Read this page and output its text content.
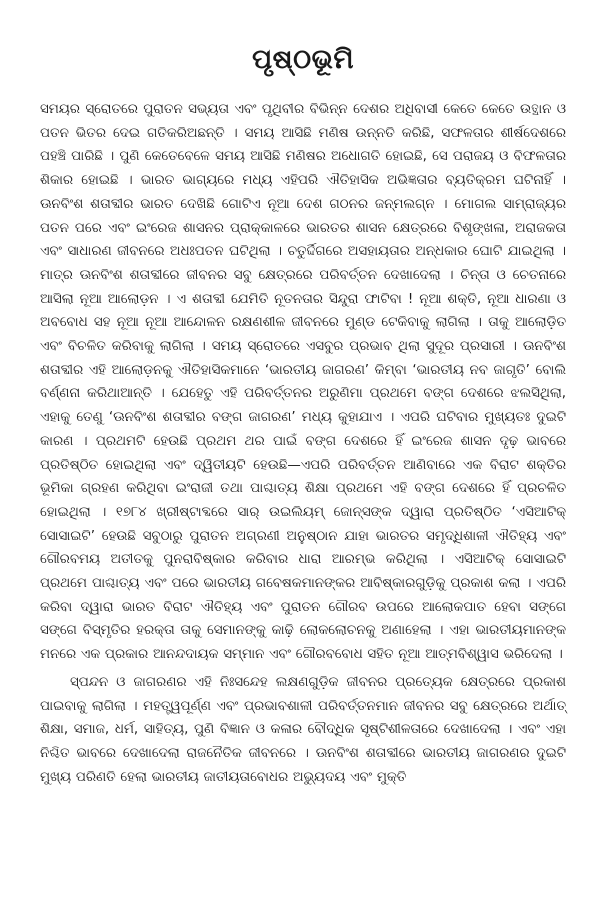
ପୃଷ୍ଠଭୂମି

ସମୟର ସ୍ରୋତରେ ପୁରାତନ ସଭ୍ୟତା ଏବଂ ପୃଥିବୀର ବିଭିନ୍ନ ଦେଶର ଅଧିବାସୀ କେତେ କେତେ ଉତ୍ଥାନ ଓ ପତନ ଭିତର ଦେଇ ଗତିକରିଅଛନ୍ତି । ସମୟ ଆସିଛି ମଣିଷ ଉନ୍ନତି କରିଛି, ସଫଳତାର ଶୀର୍ଷଦେଶରେ ପହଞ୍ଚି ପାରିଛି । ପୁଣି କେତେବେଳେ ସମୟ ଆସିଛି ମଣିଷର ଅଧୋଗତି ହୋଇଛି, ସେ ପରାଜୟ ଓ ବିଫଳତାର ଶିକାର ହୋଇଛି । ଭାରତ ଭାଗ୍ୟରେ ମଧ୍ୟ ଏହିପରି ଐତିହାସିକ ଅଭିଜ୍ଞତାର ବ୍ୟତିକ୍ରମ ଘଟିନାହିଁ । ଊନବିଂଶ ଶତାବ୍ଦୀର ଭାରତ ଦେଖିଛି ଗୋଟିଏ ନୂଆ ଦେଶ ଗଠନର ଜନ୍ମଲଗ୍ନ । ମୋଗଲ ସାମ୍ରାଜ୍ୟର ପତନ ପରେ ଏବଂ ଇଂରେଜ ଶାସନର ପ୍ରାକ୍‌କାଳରେ ଭାରତର ଶାସନ କ୍ଷେତ୍ରରେ ବିଶୃଙ୍ଖଳା, ଅରାଜକତା ଏବଂ ସାଧାରଣ ଜୀବନରେ ଅଧଃପତନ ଘଟିଥିଲା । ଚତୁର୍ଦ୍ଦିଗରେ ଅସହାୟତାର ଅନ୍ଧକାର ଘୋଟି ଯାଇଥିଲା । ମାତ୍ର ଊନବିଂଶ ଶତାବ୍ଦୀରେ ଜୀବନର ସବୁ କ୍ଷେତ୍ରରେ ପରିବର୍ତ୍ତନ ଦେଖାଦେଲା । ଚିନ୍ତା ଓ ଚେତନାରେ ଆସିଲା ନୂଆ ଆଲୋଡ଼ନ । ଏ ଶତାବ୍ଦୀ ଯେମିତି ନୂତନତାର ସିନ୍ଦୁରା ଫାଟିବା ! ନୂଆ ଶକ୍ତି, ନୂଆ ଧାରଣା ଓ ଅବବୋଧ ସହ ନୂଆ ନୂଆ ଆନ୍ଦୋଳନ ରକ୍ଷଣଶୀଳ ଜୀବନରେ ମୁଣ୍ଡ ଟେକିବାକୁ ଲାଗିଲା । ତାକୁ ଆଲୋଡ଼ିତ ଏବଂ ବିଚଳିତ କରିବାକୁ ଲାଗିଲା । ସମୟ ସ୍ରୋତରେ ଏସବୁର ପ୍ରଭାବ ଥିଲା ସୁଦୂର ପ୍ରସାରୀ । ଊନବିଂଶ ଶତାବ୍ଦୀର ଏହି ଆଲୋଡ଼ନକୁ ଐତିହାସିକମାନେ ‘ଭାରତୀୟ ଜାଗରଣ’ କିମ୍ବା ‘ଭାରତୀୟ ନବ ଜାଗୃତି’ ବୋଲି ବର୍ଣ୍ଣନା କରିଥାଆନ୍ତି । ଯେହେତୁ ଏହି ପରିବର୍ତ୍ତନର ଅରୁଣିମା ପ୍ରଥମେ ବଙ୍ଗ ଦେଶରେ ଝଲସିଥିଲା, ଏହାକୁ ତେଣୁ ‘ଊନବିଂଶ ଶତାବ୍ଦୀର ବଙ୍ଗ ଜାଗରଣ’ ମଧ୍ୟ କୁହାଯାଏ । ଏପରି ଘଟିବାର ମୁଖ୍ୟତଃ ଦୁଇଟି କାରଣ । ପ୍ରଥମଟି ହେଉଛି ପ୍ରଥମ ଥର ପାଇଁ ବଙ୍ଗ ଦେଶରେ ହିଁ ଇଂରେଜ ଶାସନ ଦୃଢ଼ ଭାବରେ ପ୍ରତିଷ୍ଠିତ ହୋଇଥିଲା ଏବଂ ଦ୍ୱିତୀୟଟି ହେଉଛି—ଏପରି ପରିବର୍ତ୍ତନ ଆଣିବାରେ ଏକ ବିରାଟ ଶକ୍ତିର ଭୂମିକା ଗ୍ରହଣ କରିଥିବା ଇଂରାଜୀ ତଥା ପାଶ୍ଚାତ୍ୟ ଶିକ୍ଷା ପ୍ରଥମେ ଏହି ବଙ୍ଗ ଦେଶରେ ହିଁ ପ୍ରଚଳିତ ହୋଇଥିଲା । ୧୭୮୪ ଖ୍ରୀଷ୍ଟାବ୍ଦରେ ସାର୍ ଉଇଲିୟମ୍ ଜୋନ୍ସଙ୍କ ଦ୍ୱାରା ପ୍ରତିଷ୍ଠିତ ‘ଏସିଆଟିକ୍ ସୋସାଇଟି’ ହେଉଛି ସବୁଠାରୁ ପୁରାତନ ଅଗ୍ରଣୀ ଅନୁଷ୍ଠାନ ଯାହା ଭାରତର ସମୃଦ୍ଧିଶାଳୀ ଐତିହ୍ୟ ଏବଂ ଗୌରବମୟ ଅତୀତକୁ ପୁନରାବିଷ୍କାର କରିବାର ଧାରା ଆରମ୍ଭ କରିଥିଲା । ଏସିଆଟିକ୍ ସୋସାଇଟି ପ୍ରଥମେ ପାଶ୍ଚାତ୍ୟ ଏବଂ ପରେ ଭାରତୀୟ ଗବେଷକମାନଙ୍କର ଆବିଷ୍କାରଗୁଡ଼ିକୁ ପ୍ରକାଶ କଲା । ଏପରି କରିବା ଦ୍ୱାରା ଭାରତ ବିରାଟ ଐତିହ୍ୟ ଏବଂ ପୁରାତନ ଗୌରବ ଉପରେ ଆଲୋକପାତ ହେବା ସଙ୍ଗେ ସଙ୍ଗେ ବିସ୍ମୃତିର ହରକ୍ତା ତାକୁ ସେମାନଙ୍କୁ କାଢ଼ି ଲୋକଲୋଚନକୁ ଅଣାହେଲା । ଏହା ଭାରତୀୟମାନଙ୍କ ମନରେ ଏକ ପ୍ରକାର ଆନନ୍ଦଦାୟକ ସମ୍ମାନ ଏବଂ ଗୌରବବୋଧ ସହିତ ନୂଆ ଆତ୍ମବିଶ୍ୱାସ ଭରିଦେଲା ।

ସ୍ପନ୍ଦନ ଓ ଜାଗରଣର ଏହି ନିଃସନ୍ଦେହ ଲକ୍ଷଣଗୁଡ଼ିକ ଜୀବନର ପ୍ରତ୍ୟେକ କ୍ଷେତ୍ରରେ ପ୍ରକାଶ ପାଇବାକୁ ଲାଗିଲା । ମହତ୍ତ୍ୱପୂର୍ଣ୍ଣ ଏବଂ ପ୍ରଭାବଶାଳୀ ପରିବର୍ତ୍ତନମାନ ଜୀବନର ସବୁ କ୍ଷେତ୍ରରେ ଅର୍ଥାତ୍ ଶିକ୍ଷା, ସମାଜ, ଧର୍ମ, ସାହିତ୍ୟ, ପୁଣି ବିଜ୍ଞାନ ଓ କଳାର ବୌଦ୍ଧିକ ସୃଷ୍ଟିଶୀଳତାରେ ଦେଖାଦେଲା । ଏବଂ ଏହା ନିଶ୍ଚିତ ଭାବରେ ଦେଖାଦେଲା ରାଜନୈତିକ ଜୀବନରେ । ଊନବିଂଶ ଶତାବ୍ଦୀରେ ଭାରତୀୟ ଜାଗରଣର ଦୁଇଟି ମୁଖ୍ୟ ପରିଣତି ହେଲା ଭାରତୀୟ ଜାତୀୟତାବୋଧର ଅଭ୍ୟୁଦୟ ଏବଂ ମୁକ୍ତି
